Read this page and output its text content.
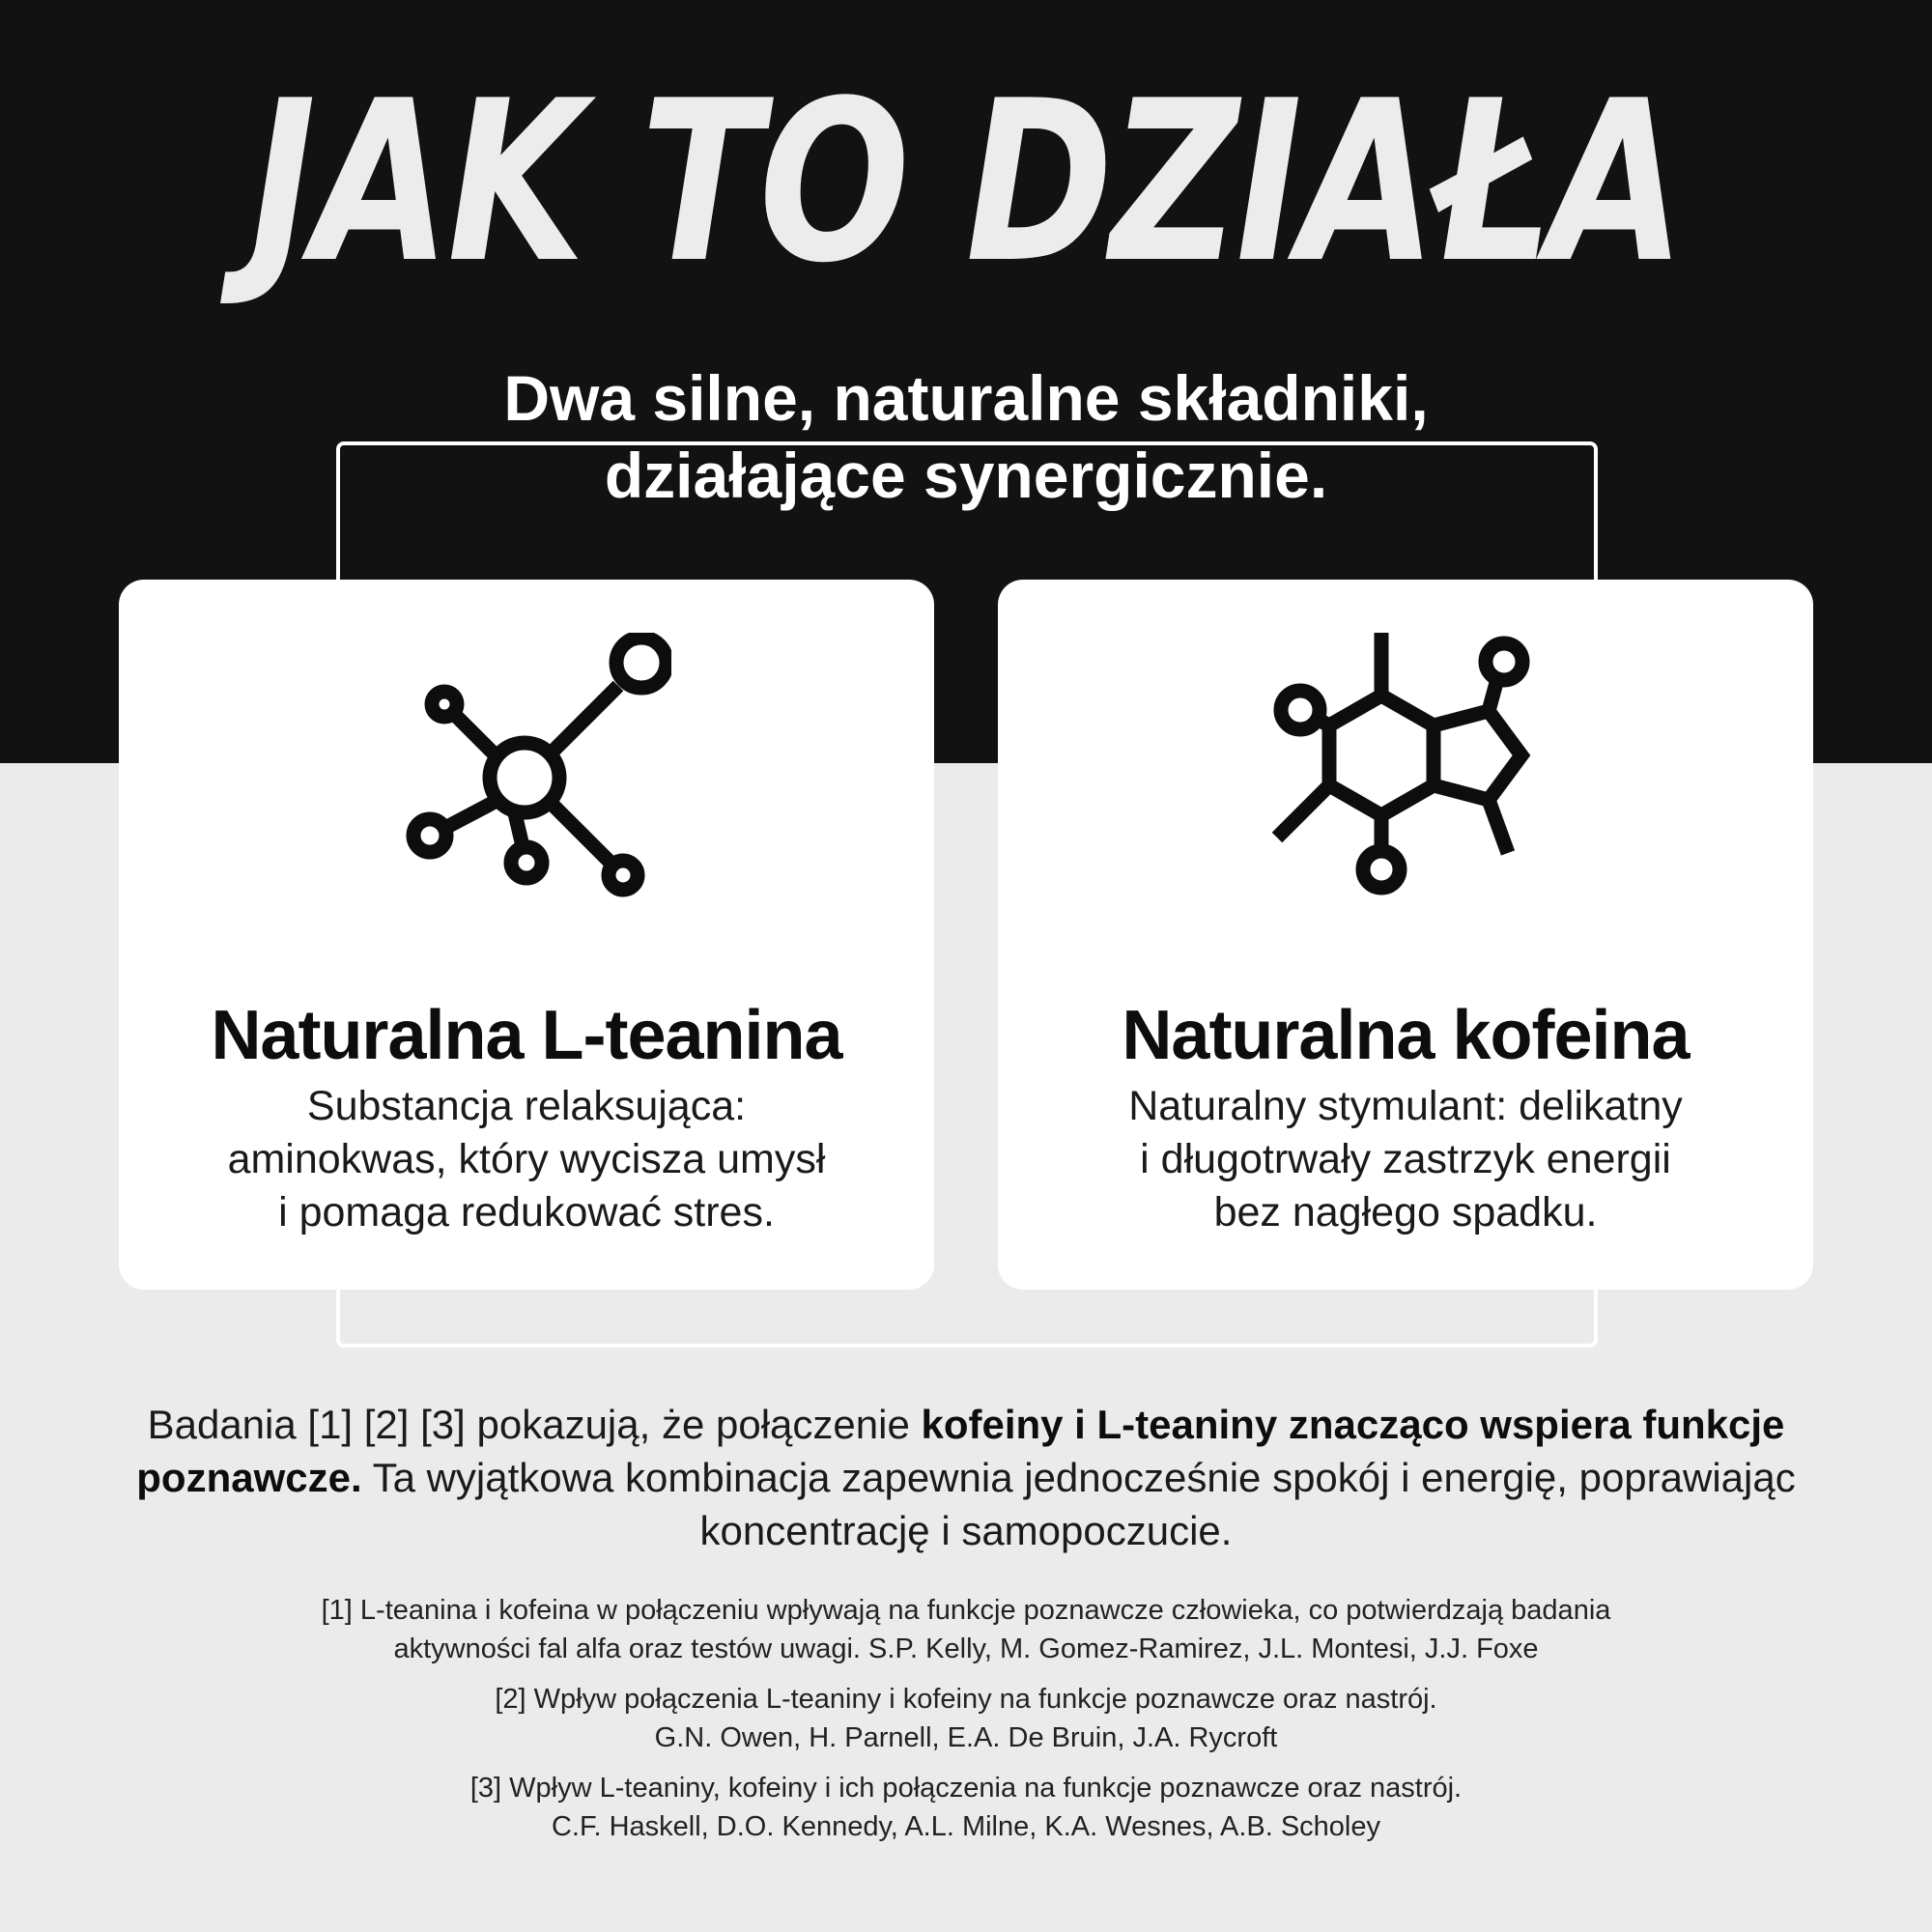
JAK TO DZIAŁA
Dwa silne, naturalne składniki,
działające synergicznie.
Naturalna L-teanina
Substancja relaksująca:
aminokwas, który wycisza umysł
i pomaga redukować stres.
Naturalna kofeina
Naturalny stymulant: delikatny
i długotrwały zastrzyk energii
bez nagłego spadku.

Badania [1] [2] [3] pokazują, że połączenie kofeiny i L-teaniny znacząco wspiera funkcje poznawcze. Ta wyjątkowa kombinacja zapewnia jednocześnie spokój i energię, poprawiając koncentrację i samopoczucie.

[1] L-teanina i kofeina w połączeniu wpływają na funkcje poznawcze człowieka, co potwierdzają badania
aktywności fal alfa oraz testów uwagi. S.P. Kelly, M. Gomez-Ramirez, J.L. Montesi, J.J. Foxe
[2] Wpływ połączenia L-teaniny i kofeiny na funkcje poznawcze oraz nastrój.
G.N. Owen, H. Parnell, E.A. De Bruin, J.A. Rycroft
[3] Wpływ L-teaniny, kofeiny i ich połączenia na funkcje poznawcze oraz nastrój.
C.F. Haskell, D.O. Kennedy, A.L. Milne, K.A. Wesnes, A.B. Scholey
